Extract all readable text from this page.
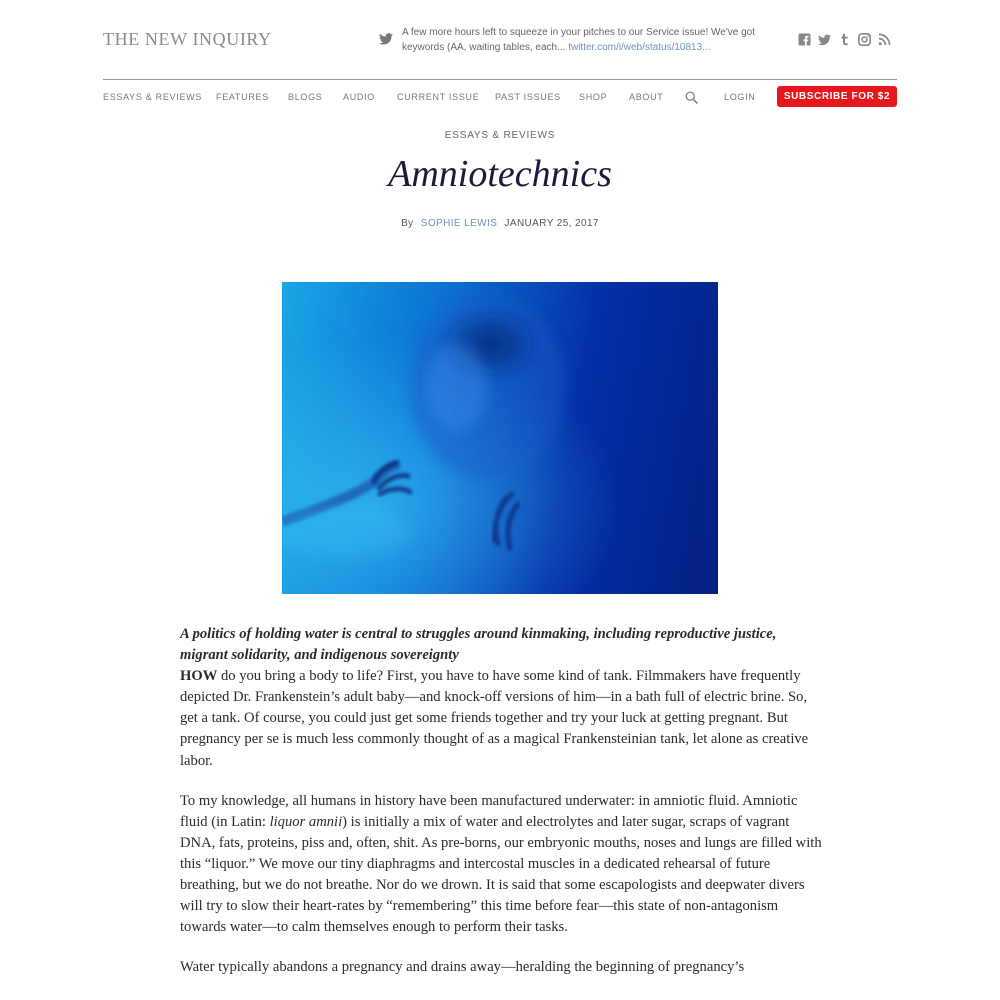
THE NEW INQUIRY	A few more hours left to squeeze in your pitches to our Service issue! We've got keywords (AA, waiting tables, each... twitter.com/i/web/status/10813...
ESSAYS & REVIEWS FEATURES BLOGS AUDIO CURRENT ISSUE PAST ISSUES SHOP ABOUT	LOGIN	SUBSCRIBE FOR $2
ESSAYS & REVIEWS
Amniotechnics
By SOPHIE LEWIS JANUARY 25, 2017

A politics of holding water is central to struggles around kinmaking, including reproductive justice, migrant solidarity, and indigenous sovereignty

HOW do you bring a body to life? First, you have to have some kind of tank. Filmmakers have frequently depicted Dr. Frankenstein’s adult baby—and knock-off versions of him—in a bath full of electric brine. So, get a tank. Of course, you could just get some friends together and try your luck at getting pregnant. But pregnancy per se is much less commonly thought of as a magical Frankensteinian tank, let alone as creative labor.

To my knowledge, all humans in history have been manufactured underwater: in amniotic fluid. Amniotic fluid (in Latin: liquor amnii) is initially a mix of water and electrolytes and later sugar, scraps of vagrant DNA, fats, proteins, piss and, often, shit. As pre-borns, our embryonic mouths, noses and lungs are filled with this “liquor.” We move our tiny diaphragms and intercostal muscles in a dedicated rehearsal of future breathing, but we do not breathe. Nor do we drown. It is said that some escapologists and deepwater divers will try to slow their heart-rates by “remembering” this time before fear—this state of non-antagonism towards water—to calm themselves enough to perform their tasks.

Water typically abandons a pregnancy and drains away—heralding the beginning of pregnancy’s
